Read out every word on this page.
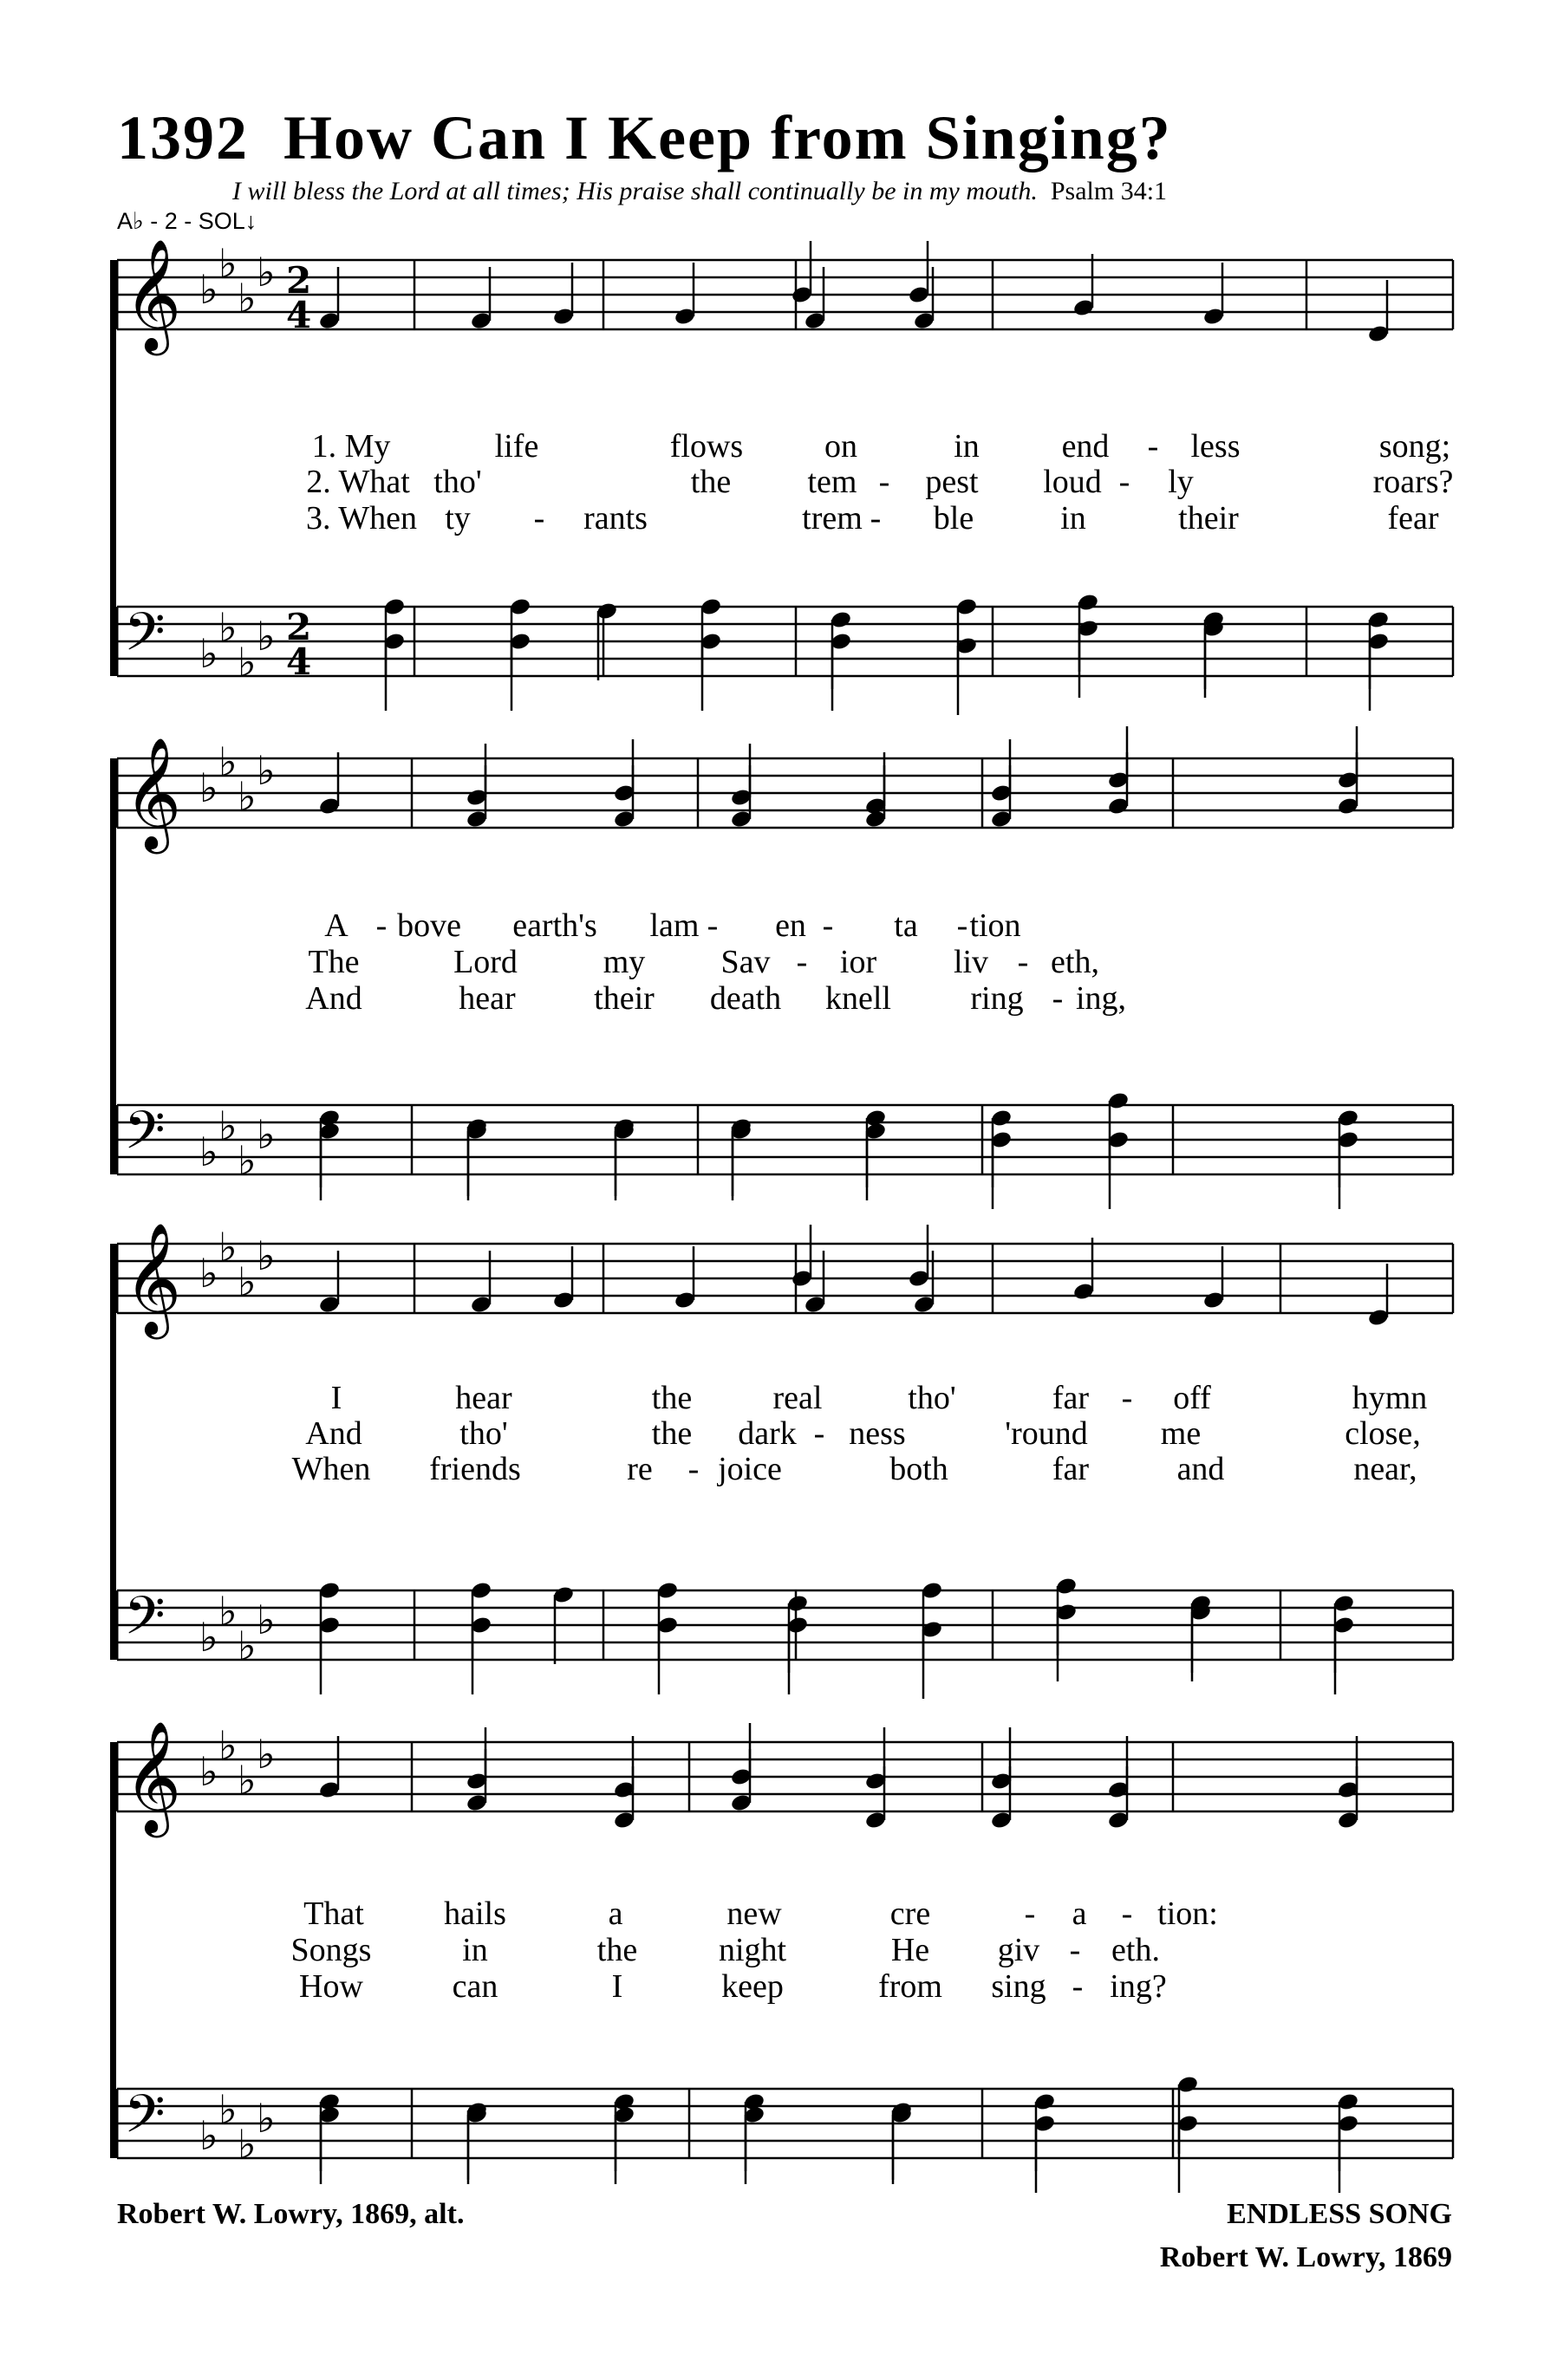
1392 How Can I Keep from Singing?
I will bless the Lord at all times; His praise shall continually be in my mouth. Psalm 34:1
A♭ - 2 - SOL↓
𝄞 ♭
♭
♭
♭ 2
4
𝄢 ♭
♭
♭
♭ 2
4
1. My	life	flows on	in end - less	song;
2. What tho'	the tem - pest loud - ly	roars?
3. When ty - rants	trem - ble	in	their	fear
𝄞 ♭
♭
♭
♭
𝄢 ♭
♭
♭
♭
A - bove earth's lam - en - ta - tion
The	Lord	my Sav - ior liv - eth,
And	hear their death knell ring - ing,
𝄞 ♭
♭
♭
♭
𝄢 ♭
♭
♭
♭
I	hear	the real	tho'	far - off	hymn
And	tho'	the dark - ness	'round me	close,
When friends	re - joice	both	far	and	near,
𝄞 ♭
♭
♭
♭
𝄢 ♭
♭
♭
♭
That hails	a	new	cre	- a - tion:
Songs	in	the night	He giv - eth.
How	can	I	keep	from sing - ing?
Robert W. Lowry, 1869, alt.	ENDLESS SONG
Robert W. Lowry, 1869
